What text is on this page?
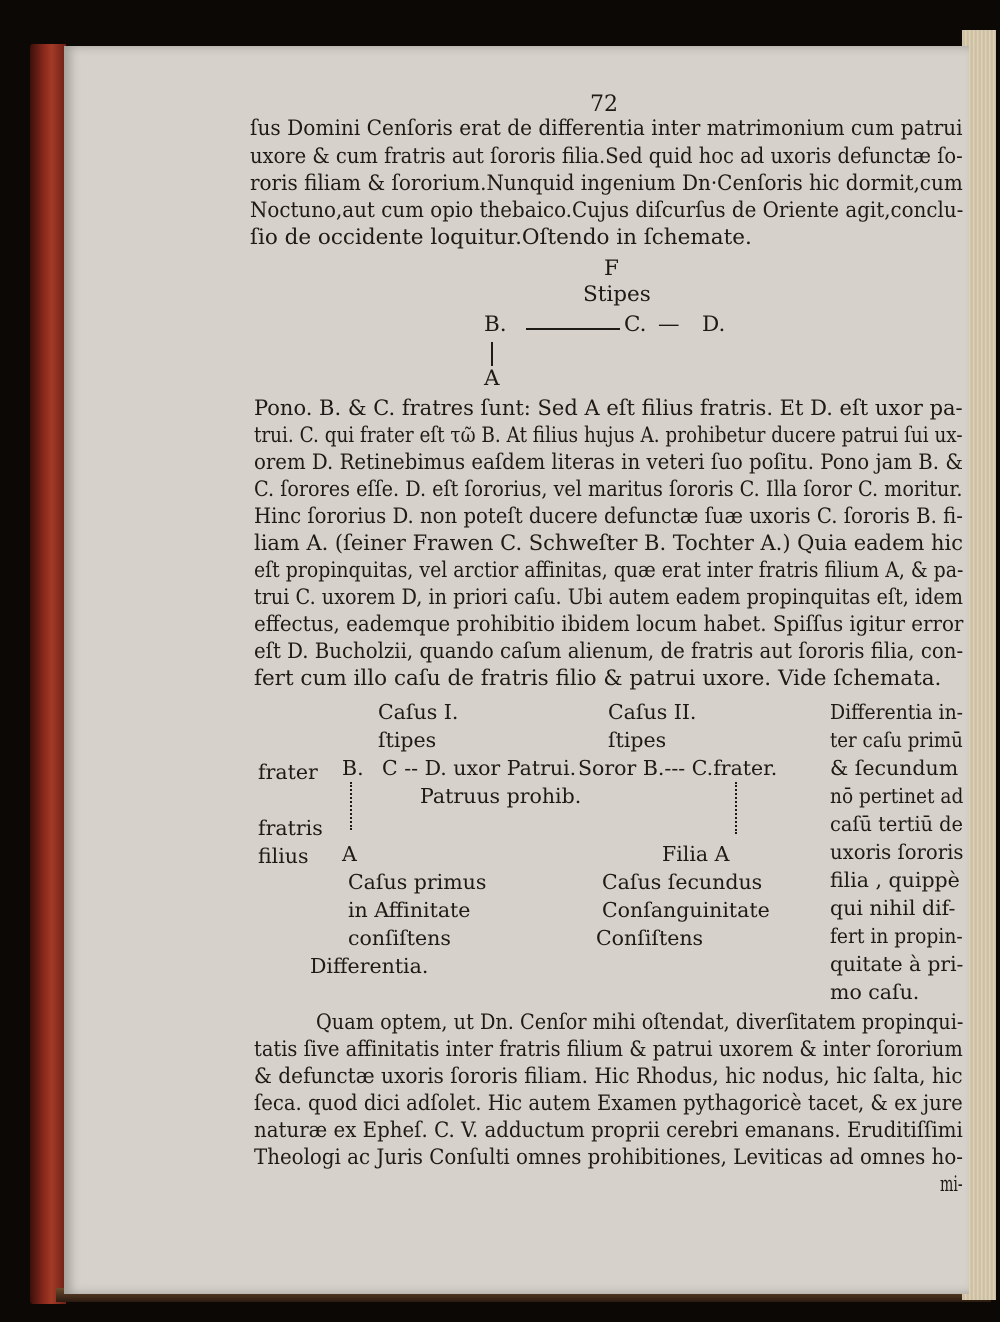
72
ſus Domini Cenſoris erat de differentia inter matrimonium cum patrui
uxore & cum fratris aut ſororis filia.Sed quid hoc ad uxoris defunctæ ſo-
roris filiam & ſororium.Nunquid ingenium Dn·Cenſoris hic dormit,cum
Noctuno,aut cum opio thebaico.Cujus diſcurſus de Oriente agit,conclu-
ſio de occidente loquitur.Oſtendo in ſchemate.
F
Stipes
B.	C. — D.
A
Pono. B. & C. fratres ſunt: Sed A eſt filius fratris. Et D. eſt uxor pa-
trui. C. qui frater eſt τῶ B. At filius hujus A. prohibetur ducere patrui ſui ux-
orem D. Retinebimus eaſdem literas in veteri ſuo poſitu. Pono jam B. &
C. ſorores eſſe. D. eſt ſororius, vel maritus ſororis C. Illa ſoror C. moritur.
Hinc ſororius D. non poteſt ducere defunctæ ſuæ uxoris C. ſororis B. fi-
liam A. (ſeiner Frawen C. Schweſter B. Tochter A.) Quia eadem hic
eſt propinquitas, vel arctior affinitas, quæ erat inter fratris filium A, & pa-
trui C. uxorem D, in priori caſu. Ubi autem eadem propinquitas eſt, idem
effectus, eademque prohibitio ibidem locum habet. Spiſſus igitur error
eſt D. Bucholzii, quando caſum alienum, de fratris aut ſororis filia, con-
fert cum illo caſu de fratris filio & patrui uxore. Vide ſchemata.
Caſus I.
ſtipes
Caſus II.
ſtipes
frater B. C -- D. uxor Patrui.
Patruus prohib.
fratris
filius A
Caſus primus
in Affinitate
conſiſtens
Differentia.
Soror B.--- C.frater.
Filia A
Caſus ſecundus
Conſanguinitate
Conſiſtens
Differentia in-
ter caſu primū
& ſecundum
nō pertinet ad
caſū tertiū de
uxoris ſororis
filia , quippè
qui nihil dif-
fert in propin-
quitate à pri-
mo caſu.
Quam optem, ut Dn. Cenſor mihi oſtendat, diverſitatem propinqui-
tatis ſive affinitatis inter fratris filium & patrui uxorem & inter ſororium
& defunctæ uxoris ſororis filiam. Hic Rhodus, hic nodus, hic ſalta, hic
ſeca. quod dici adſolet. Hic autem Examen pythagoricè tacet, & ex jure
naturæ ex Epheſ. C. V. adductum proprii cerebri emanans. Eruditiſſimi
Theologi ac Juris Conſulti omnes prohibitiones, Leviticas ad omnes ho-
mi-
